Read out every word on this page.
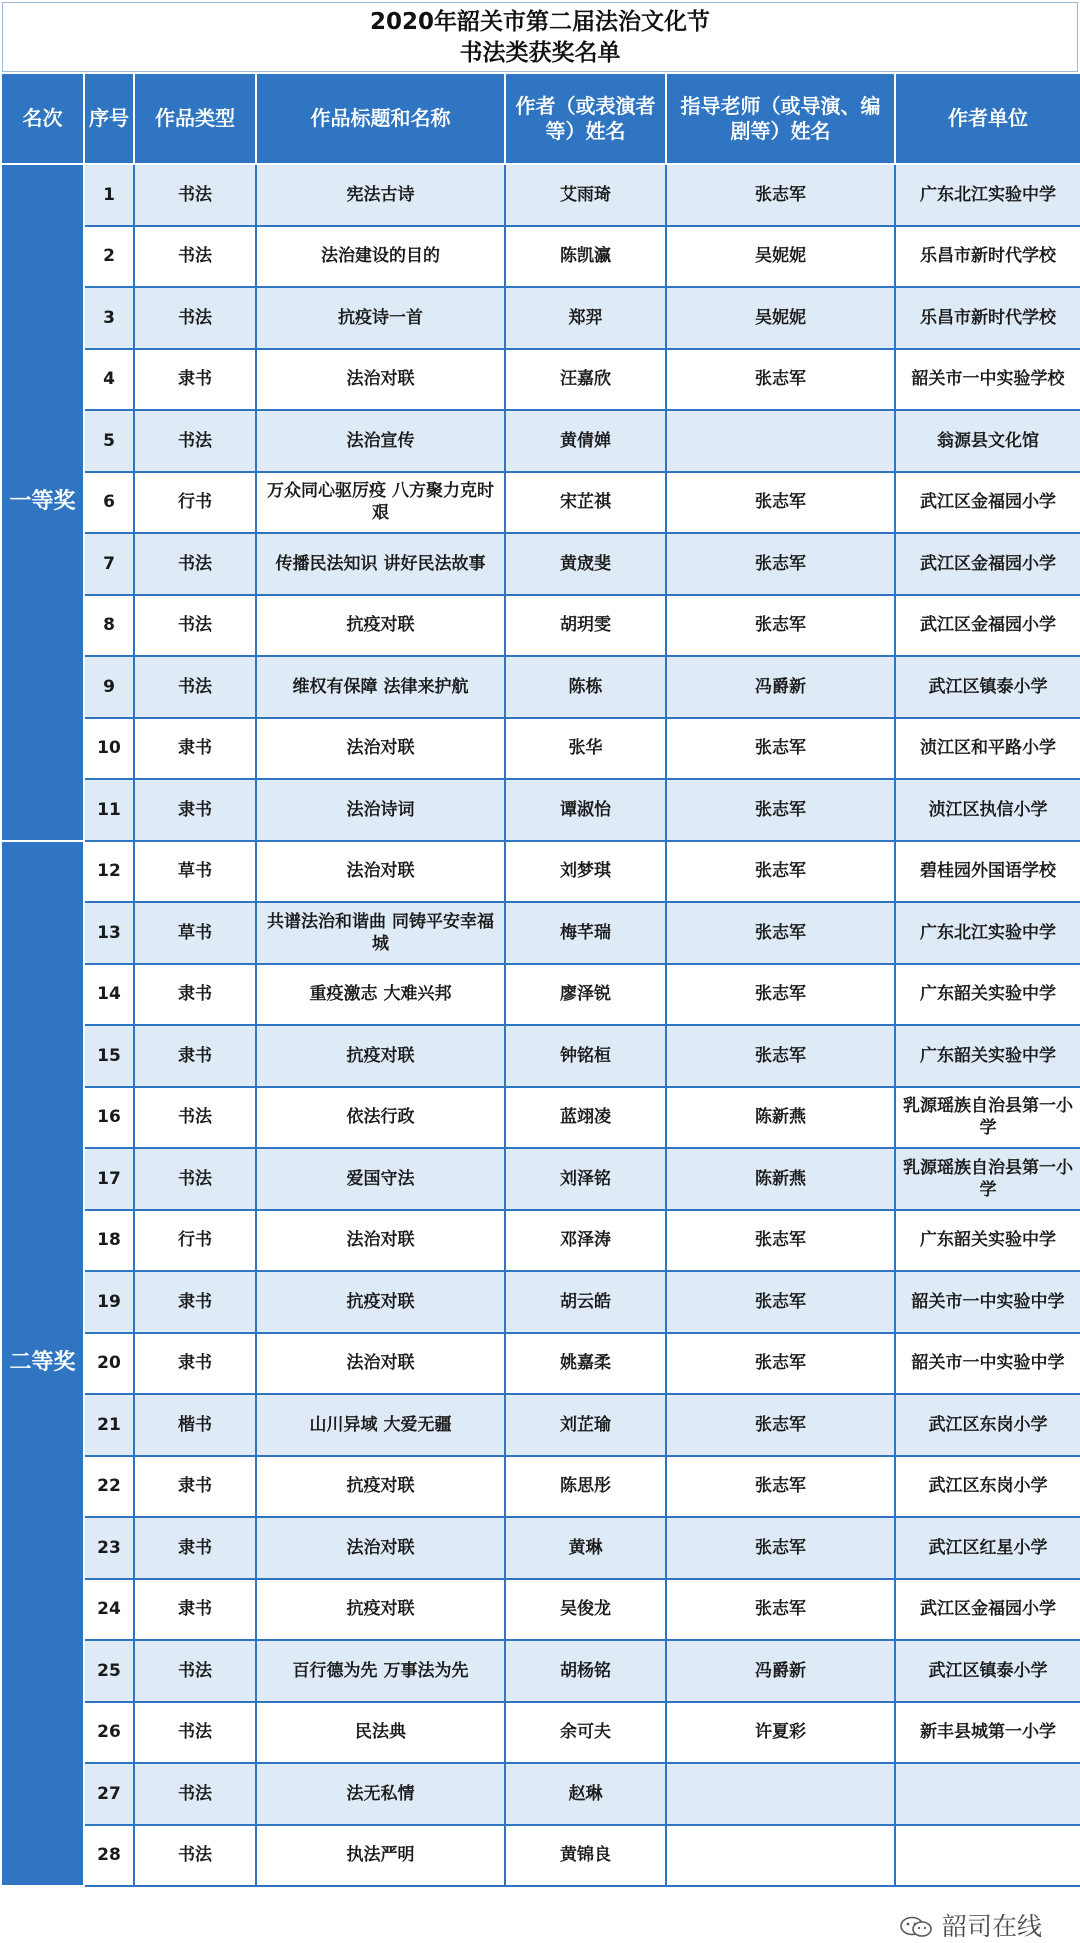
2020年韶关市第二届法治文化节
书法类获奖名单
名次	序号	作品类型	作品标题和名称	作者（或表演者等）姓名	指导老师（或导演、编剧等）姓名	作者单位
一等奖	1	书法	宪法古诗	艾雨琦	张志军	广东北江实验中学
	2	书法	法治建设的目的	陈凯瀛	吴妮妮	乐昌市新时代学校
	3	书法	抗疫诗一首	郑羿	吴妮妮	乐昌市新时代学校
	4	隶书	法治对联	汪嘉欣	张志军	韶关市一中实验学校
	5	书法	法治宣传	黄倩婵		翁源县文化馆
	6	行书	万众同心驱厉疫 八方聚力克时艰	宋芷祺	张志军	武江区金福园小学
	7	书法	传播民法知识 讲好民法故事	黄宬斐	张志军	武江区金福园小学
	8	书法	抗疫对联	胡玥雯	张志军	武江区金福园小学
	9	书法	维权有保障 法律来护航	陈栋	冯爵新	武江区镇泰小学
	10	隶书	法治对联	张华	张志军	浈江区和平路小学
	11	隶书	法治诗词	谭淑怡	张志军	浈江区执信小学
二等奖	12	草书	法治对联	刘梦琪	张志军	碧桂园外国语学校
	13	草书	共谱法治和谐曲 同铸平安幸福城	梅芊瑞	张志军	广东北江实验中学
	14	隶书	重疫激志 大难兴邦	廖泽锐	张志军	广东韶关实验中学
	15	隶书	抗疫对联	钟铭桓	张志军	广东韶关实验中学
	16	书法	依法行政	蓝翊凌	陈新燕	乳源瑶族自治县第一小学
	17	书法	爱国守法	刘泽铭	陈新燕	乳源瑶族自治县第一小学
	18	行书	法治对联	邓泽涛	张志军	广东韶关实验中学
	19	隶书	抗疫对联	胡云皓	张志军	韶关市一中实验中学
	20	隶书	法治对联	姚嘉柔	张志军	韶关市一中实验中学
	21	楷书	山川异域 大爱无疆	刘芷瑜	张志军	武江区东岗小学
	22	隶书	抗疫对联	陈思彤	张志军	武江区东岗小学
	23	隶书	法治对联	黄琳	张志军	武江区红星小学
	24	隶书	抗疫对联	吴俊龙	张志军	武江区金福园小学
	25	书法	百行德为先 万事法为先	胡杨铭	冯爵新	武江区镇泰小学
	26	书法	民法典	余可夫	许夏彩	新丰县城第一小学
	27	书法	法无私情	赵琳		
	28	书法	执法严明	黄锦良		
韶司在线
